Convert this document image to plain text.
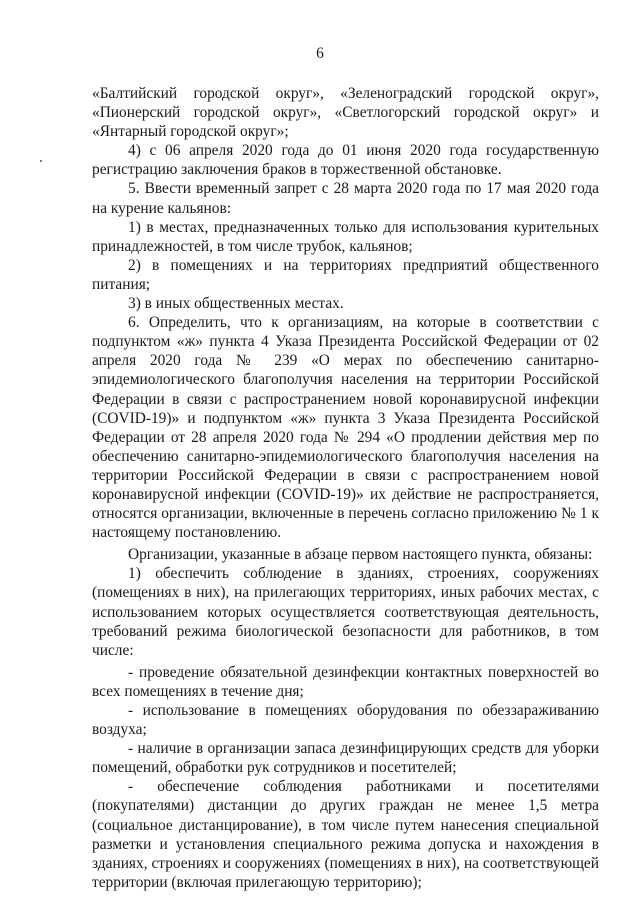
6

«Балтийский городской округ», «Зеленоградский городской округ», «Пионерский городской округ», «Светлогорский городской округ» и «Янтарный городской округ»;

4) с 06 апреля 2020 года до 01 июня 2020 года государственную регистрацию заключения браков в торжественной обстановке.

5. Ввести временный запрет с 28 марта 2020 года по 17 мая 2020 года на курение кальянов:

1) в местах, предназначенных только для использования курительных принадлежностей, в том числе трубок, кальянов;

2) в помещениях и на территориях предприятий общественного питания;

3) в иных общественных местах.

6. Определить, что к организациям, на которые в соответствии с подпунктом «ж» пункта 4 Указа Президента Российской Федерации от 02 апреля 2020 года № 239 «О мерах по обеспечению санитарно-эпидемиологического благополучия населения на территории Российской Федерации в связи с распространением новой коронавирусной инфекции (COVID-19)» и подпунктом «ж» пункта 3 Указа Президента Российской Федерации от 28 апреля 2020 года № 294 «О продлении действия мер по обеспечению санитарно-эпидемиологического благополучия населения на территории Российской Федерации в связи с распространением новой коронавирусной инфекции (COVID-19)» их действие не распространяется, относятся организации, включенные в перечень согласно приложению № 1 к настоящему постановлению.

Организации, указанные в абзаце первом настоящего пункта, обязаны:

1) обеспечить соблюдение в зданиях, строениях, сооружениях (помещениях в них), на прилегающих территориях, иных рабочих местах, с использованием которых осуществляется соответствующая деятельность, требований режима биологической безопасности для работников, в том числе:

- проведение обязательной дезинфекции контактных поверхностей во всех помещениях в течение дня;

- использование в помещениях оборудования по обеззараживанию воздуха;

- наличие в организации запаса дезинфицирующих средств для уборки помещений, обработки рук сотрудников и посетителей;

- обеспечение соблюдения работниками и посетителями (покупателями) дистанции до других граждан не менее 1,5 метра (социальное дистанцирование), в том числе путем нанесения специальной разметки и установления специального режима допуска и нахождения в зданиях, строениях и сооружениях (помещениях в них), на соответствующей территории (включая прилегающую территорию);
